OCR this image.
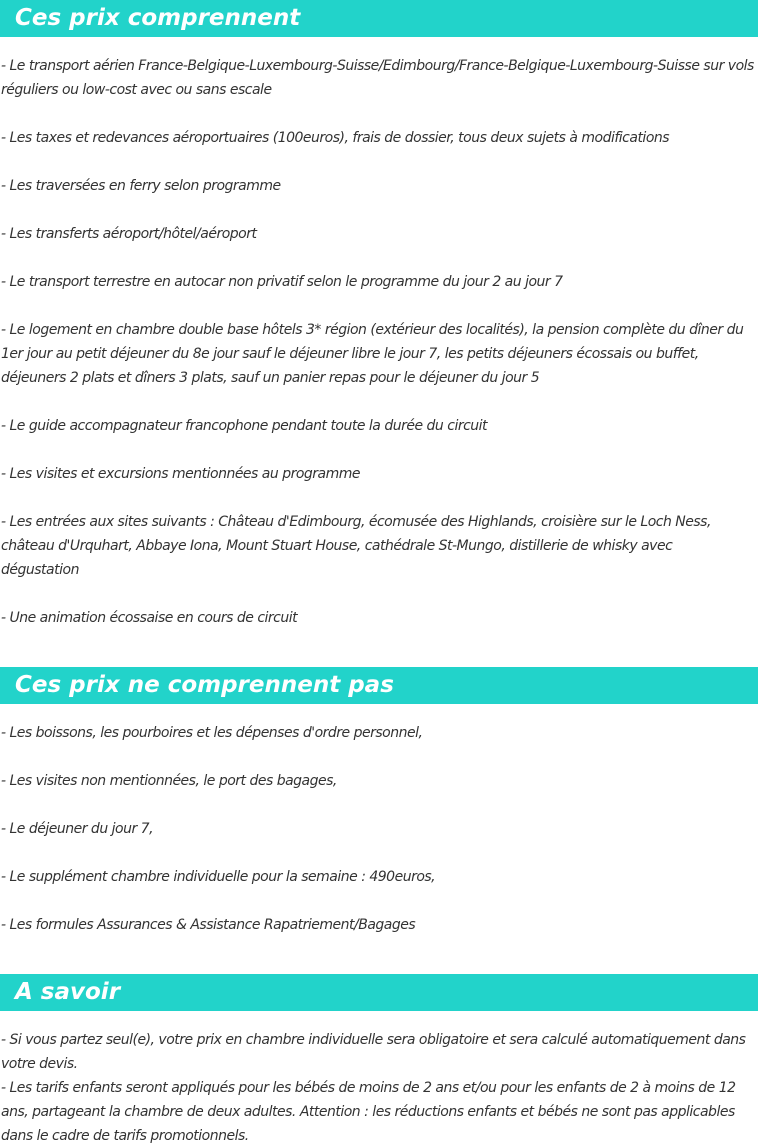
Ces prix comprennent

- Le transport aérien France-Belgique-Luxembourg-Suisse/Edimbourg/France-Belgique-Luxembourg-Suisse sur vols réguliers ou low-cost avec ou sans escale

- Les taxes et redevances aéroportuaires (100euros), frais de dossier, tous deux sujets à modifications

- Les traversées en ferry selon programme

- Les transferts aéroport/hôtel/aéroport

- Le transport terrestre en autocar non privatif selon le programme du jour 2 au jour 7

- Le logement en chambre double base hôtels 3* région (extérieur des localités), la pension complète du dîner du 1er jour au petit déjeuner du 8e jour sauf le déjeuner libre le jour 7, les petits déjeuners écossais ou buffet, déjeuners 2 plats et dîners 3 plats, sauf un panier repas pour le déjeuner du jour 5

- Le guide accompagnateur francophone pendant toute la durée du circuit

- Les visites et excursions mentionnées au programme

- Les entrées aux sites suivants : Château d'Edimbourg, écomusée des Highlands, croisière sur le Loch Ness, château d'Urquhart, Abbaye Iona, Mount Stuart House, cathédrale St-Mungo, distillerie de whisky avec dégustation

- Une animation écossaise en cours de circuit

Ces prix ne comprennent pas

- Les boissons, les pourboires et les dépenses d'ordre personnel,

- Les visites non mentionnées, le port des bagages,

- Le déjeuner du jour 7,

- Le supplément chambre individuelle pour la semaine : 490euros,

- Les formules Assurances & Assistance Rapatriement/Bagages

A savoir

- Si vous partez seul(e), votre prix en chambre individuelle sera obligatoire et sera calculé automatiquement dans votre devis.

- Les tarifs enfants seront appliqués pour les bébés de moins de 2 ans et/ou pour les enfants de 2 à moins de 12 ans, partageant la chambre de deux adultes. Attention : les réductions enfants et bébés ne sont pas applicables dans le cadre de tarifs promotionnels.
